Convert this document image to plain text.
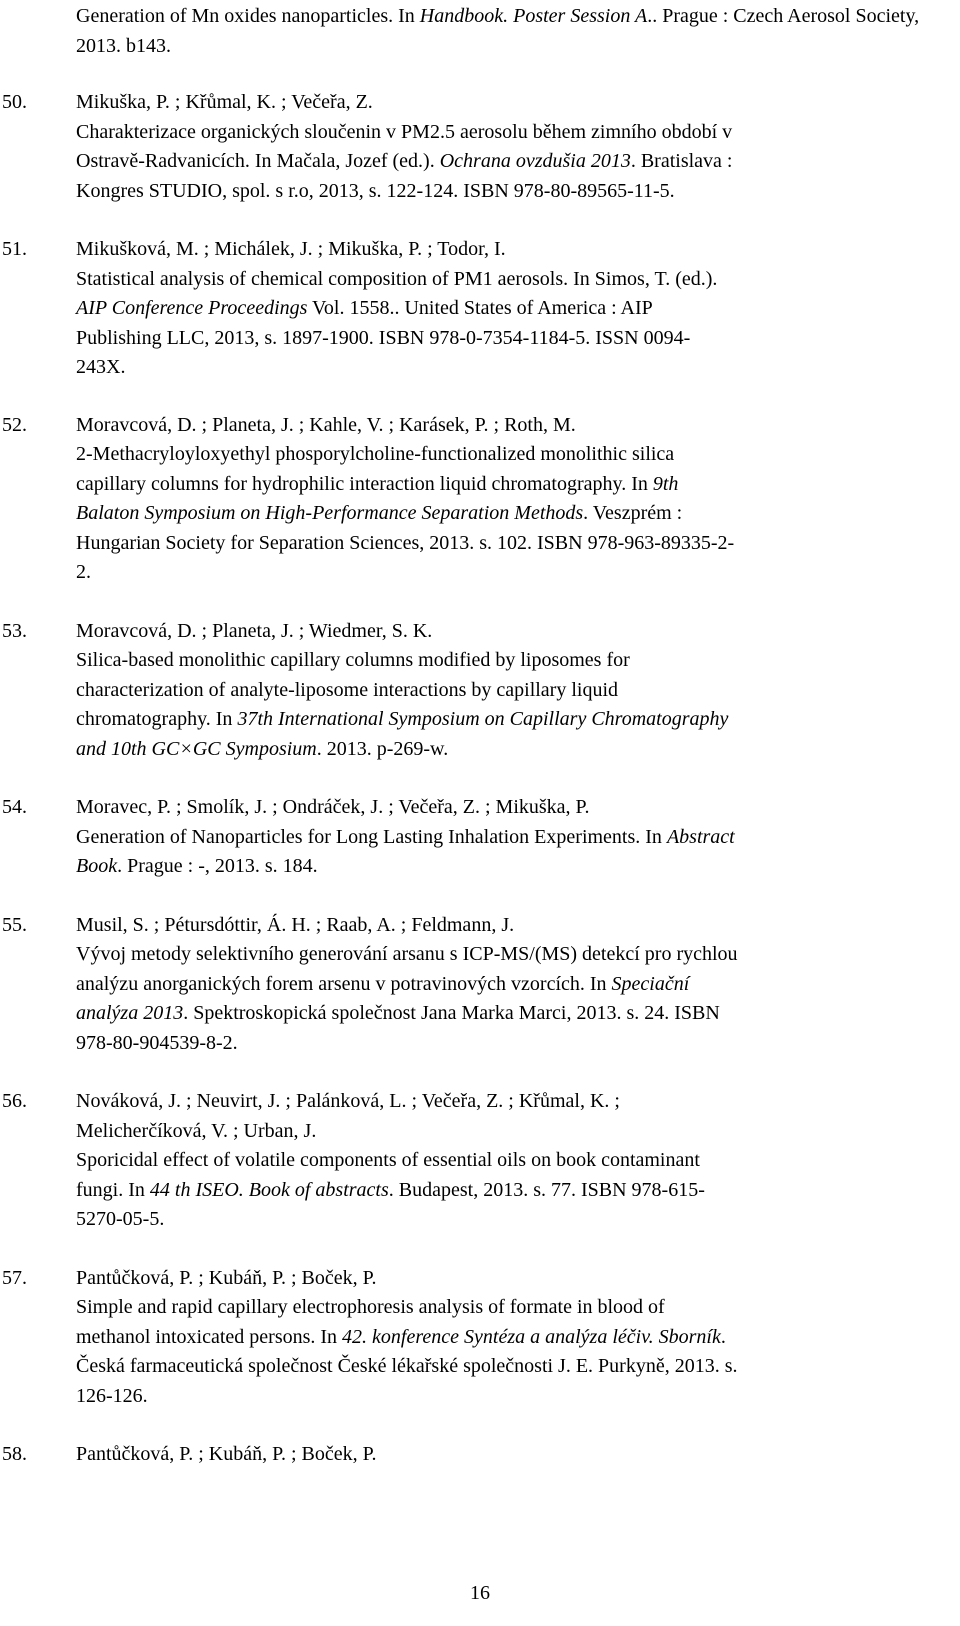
Generation of Mn oxides nanoparticles. In Handbook. Poster Session A.. Prague : Czech Aerosol Society, 2013. b143.
50. Mikuška, P. ; Křůmal, K. ; Večeřa, Z.
Charakterizace organických sloučenin v PM2.5 aerosolu během zimního období v
Ostravě-Radvanicích. In Mačala, Jozef (ed.). Ochrana ovzdušia 2013. Bratislava :
Kongres STUDIO, spol. s r.o, 2013, s. 122-124. ISBN 978-80-89565-11-5.
51. Mikušková, M. ; Michálek, J. ; Mikuška, P. ; Todor, I.
Statistical analysis of chemical composition of PM1 aerosols. In Simos, T. (ed.).
AIP Conference Proceedings Vol. 1558.. United States of America : AIP
Publishing LLC, 2013, s. 1897-1900. ISBN 978-0-7354-1184-5. ISSN 0094-
243X.
52. Moravcová, D. ; Planeta, J. ; Kahle, V. ; Karásek, P. ; Roth, M.
2-Methacryloyloxyethyl phosporylcholine-functionalized monolithic silica
capillary columns for hydrophilic interaction liquid chromatography. In 9th
Balaton Symposium on High-Performance Separation Methods. Veszprém :
Hungarian Society for Separation Sciences, 2013. s. 102. ISBN 978-963-89335-2-
2.
53. Moravcová, D. ; Planeta, J. ; Wiedmer, S. K.
Silica-based monolithic capillary columns modified by liposomes for
characterization of analyte-liposome interactions by capillary liquid
chromatography. In 37th International Symposium on Capillary Chromatography
and 10th GC×GC Symposium. 2013. p-269-w.
54. Moravec, P. ; Smolík, J. ; Ondráček, J. ; Večeřa, Z. ; Mikuška, P.
Generation of Nanoparticles for Long Lasting Inhalation Experiments. In Abstract
Book. Prague : -, 2013. s. 184.
55. Musil, S. ; Pétursdóttir, Á. H. ; Raab, A. ; Feldmann, J.
Vývoj metody selektivního generování arsanu s ICP-MS/(MS) detekcí pro rychlou
analýzu anorganických forem arsenu v potravinových vzorcích. In Speciační
analýza 2013. Spektroskopická společnost Jana Marka Marci, 2013. s. 24. ISBN
978-80-904539-8-2.
56. Nováková, J. ; Neuvirt, J. ; Palánková, L. ; Večeřa, Z. ; Křůmal, K. ;
Melicherčíková, V. ; Urban, J.
Sporicidal effect of volatile components of essential oils on book contaminant
fungi. In 44 th ISEO. Book of abstracts. Budapest, 2013. s. 77. ISBN 978-615-
5270-05-5.
57. Pantůčková, P. ; Kubáň, P. ; Boček, P.
Simple and rapid capillary electrophoresis analysis of formate in blood of
methanol intoxicated persons. In 42. konference Syntéza a analýza léčiv. Sborník.
Česká farmaceutická společnost České lékařské společnosti J. E. Purkyně, 2013. s.
126-126.
58. Pantůčková, P. ; Kubáň, P. ; Boček, P.
16
